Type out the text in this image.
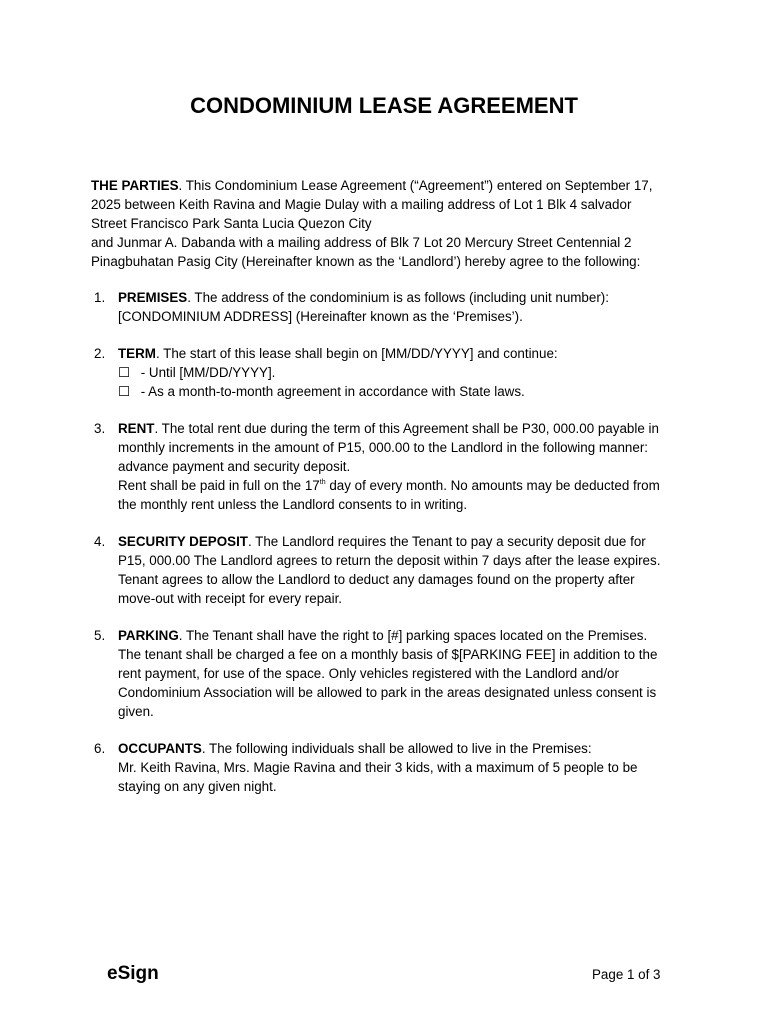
CONDOMINIUM LEASE AGREEMENT
THE PARTIES. This Condominium Lease Agreement (“Agreement”) entered on September 17,
2025 between Keith Ravina and Magie Dulay with a mailing address of Lot 1 Blk 4 salvador
Street Francisco Park Santa Lucia Quezon City
and Junmar A. Dabanda with a mailing address of Blk 7 Lot 20 Mercury Street Centennial 2
Pinagbuhatan Pasig City (Hereinafter known as the ‘Landlord’) hereby agree to the following:
1. PREMISES. The address of the condominium is as follows (including unit number):
[CONDOMINIUM ADDRESS] (Hereinafter known as the ‘Premises’).
2. TERM. The start of this lease shall begin on [MM/DD/YYYY] and continue:
☐ - Until [MM/DD/YYYY].
☐ - As a month-to-month agreement in accordance with State laws.
3. RENT. The total rent due during the term of this Agreement shall be P30, 000.00 payable in
monthly increments in the amount of P15, 000.00 to the Landlord in the following manner:
advance payment and security deposit.
Rent shall be paid in full on the 17th day of every month. No amounts may be deducted from
the monthly rent unless the Landlord consents to in writing.
4. SECURITY DEPOSIT. The Landlord requires the Tenant to pay a security deposit due for
P15, 000.00 The Landlord agrees to return the deposit within 7 days after the lease expires.
Tenant agrees to allow the Landlord to deduct any damages found on the property after
move-out with receipt for every repair.
5. PARKING. The Tenant shall have the right to [#] parking spaces located on the Premises.
The tenant shall be charged a fee on a monthly basis of $[PARKING FEE] in addition to the
rent payment, for use of the space. Only vehicles registered with the Landlord and/or
Condominium Association will be allowed to park in the areas designated unless consent is
given.
6. OCCUPANTS. The following individuals shall be allowed to live in the Premises:
Mr. Keith Ravina, Mrs. Magie Ravina and their 3 kids, with a maximum of 5 people to be
staying on any given night.
eSign	Page 1 of 3
